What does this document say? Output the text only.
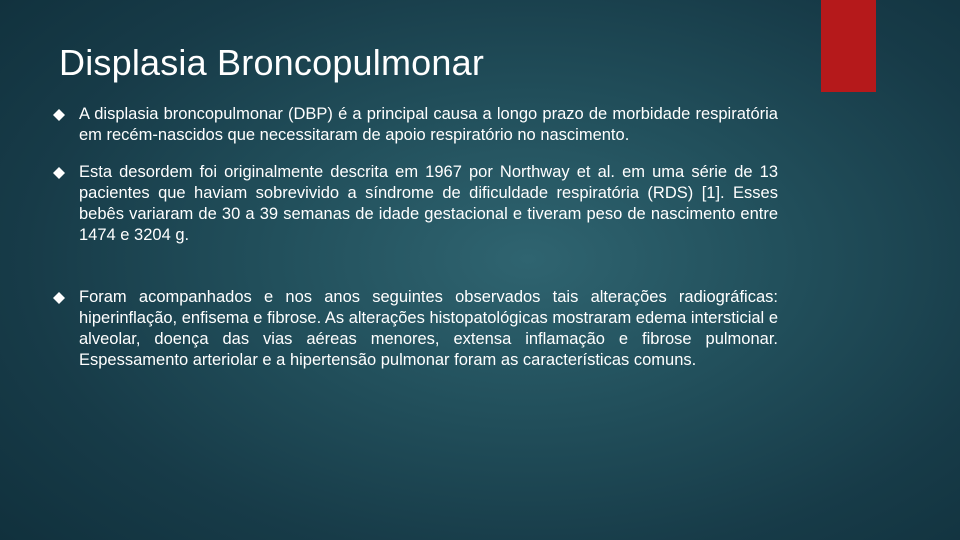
Displasia Broncopulmonar
A displasia broncopulmonar (DBP) é a principal causa a longo prazo de morbidade respiratória em recém-nascidos que necessitaram de apoio respiratório no nascimento.
Esta desordem foi originalmente descrita em 1967 por Northway et al. em uma série de 13 pacientes que haviam sobrevivido a síndrome de dificuldade respiratória (RDS) [1]. Esses bebês variaram de 30 a 39 semanas de idade gestacional e tiveram peso de nascimento entre 1474 e 3204 g.
Foram acompanhados e nos anos seguintes observados tais alterações radiográficas: hiperinflação, enfisema e fibrose. As alterações histopatológicas mostraram edema intersticial e alveolar, doença das vias aéreas menores, extensa inflamação e fibrose pulmonar. Espessamento arteriolar e a hipertensão pulmonar foram as características comuns.
